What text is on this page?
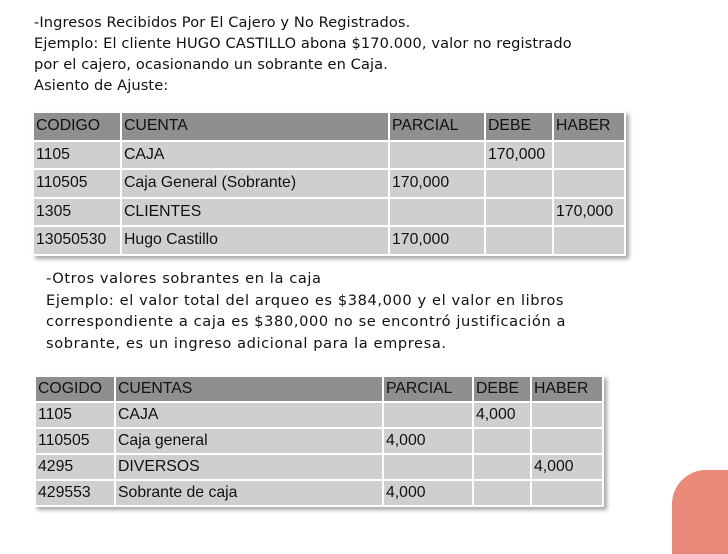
-Ingresos Recibidos Por El Cajero y No Registrados.
Ejemplo: El cliente HUGO CASTILLO abona $170.000, valor no registrado
por el cajero, ocasionando un sobrante en Caja.
Asiento de Ajuste:
CODIGO	CUENTA	PARCIAL	DEBE	HABER
1105	CAJA		170,000	
110505	Caja General (Sobrante)	170,000		
1305	CLIENTES			170,000
13050530	Hugo Castillo	170,000		
-Otros valores sobrantes en la caja
Ejemplo: el valor total del arqueo es $384,000 y el valor en libros
correspondiente a caja es $380,000 no se encontró justificación a
sobrante, es un ingreso adicional para la empresa.
COGIDO	CUENTAS	PARCIAL	DEBE	HABER
1105	CAJA		4,000	
110505	Caja general	4,000		
4295	DIVERSOS			4,000
429553	Sobrante de caja	4,000		
